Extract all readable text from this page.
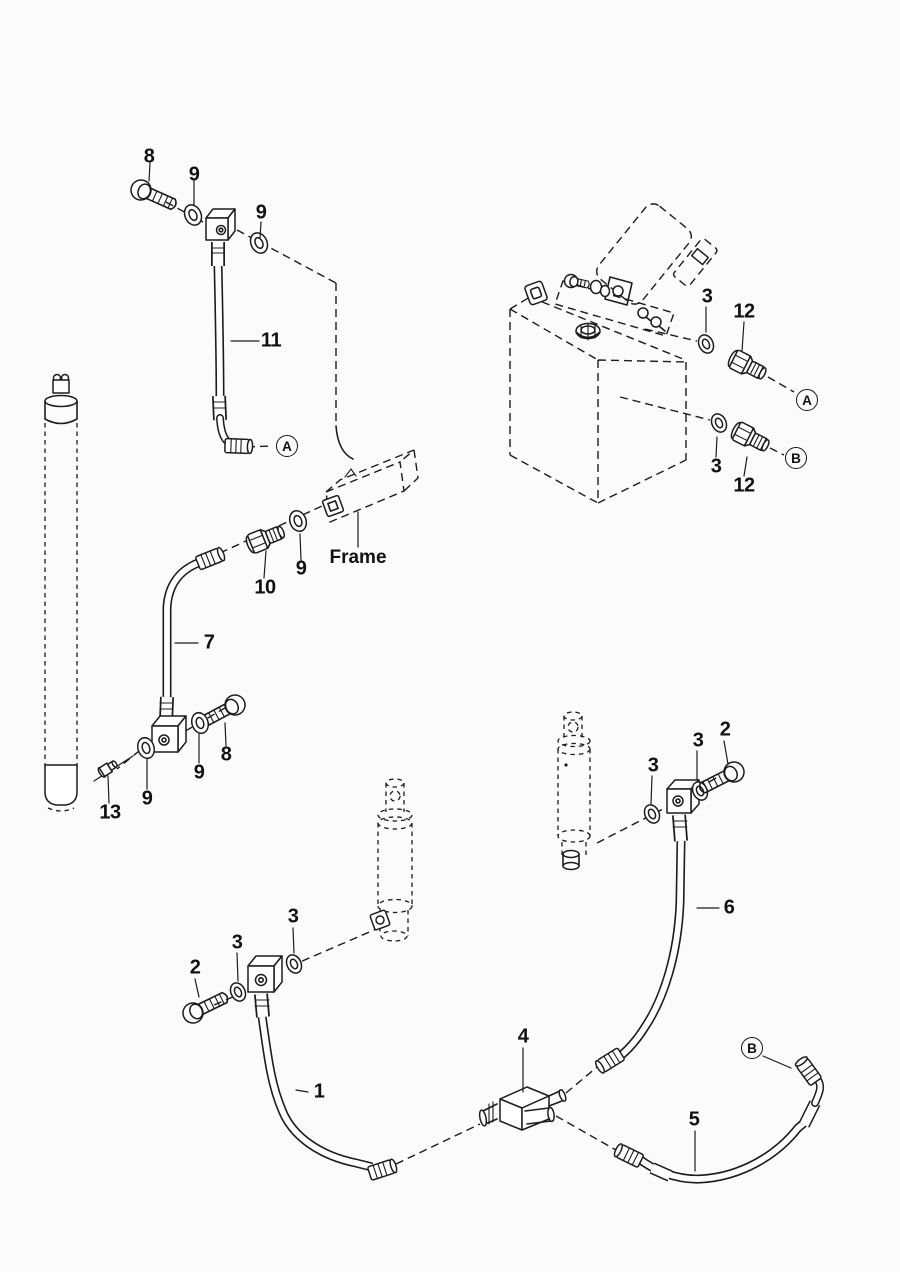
8
9
9
11
9
10
7
8
9
9
13
3
12
3
12
3 2
3
2
3
3
1
4
6
5
A
A
B
B
Frame
